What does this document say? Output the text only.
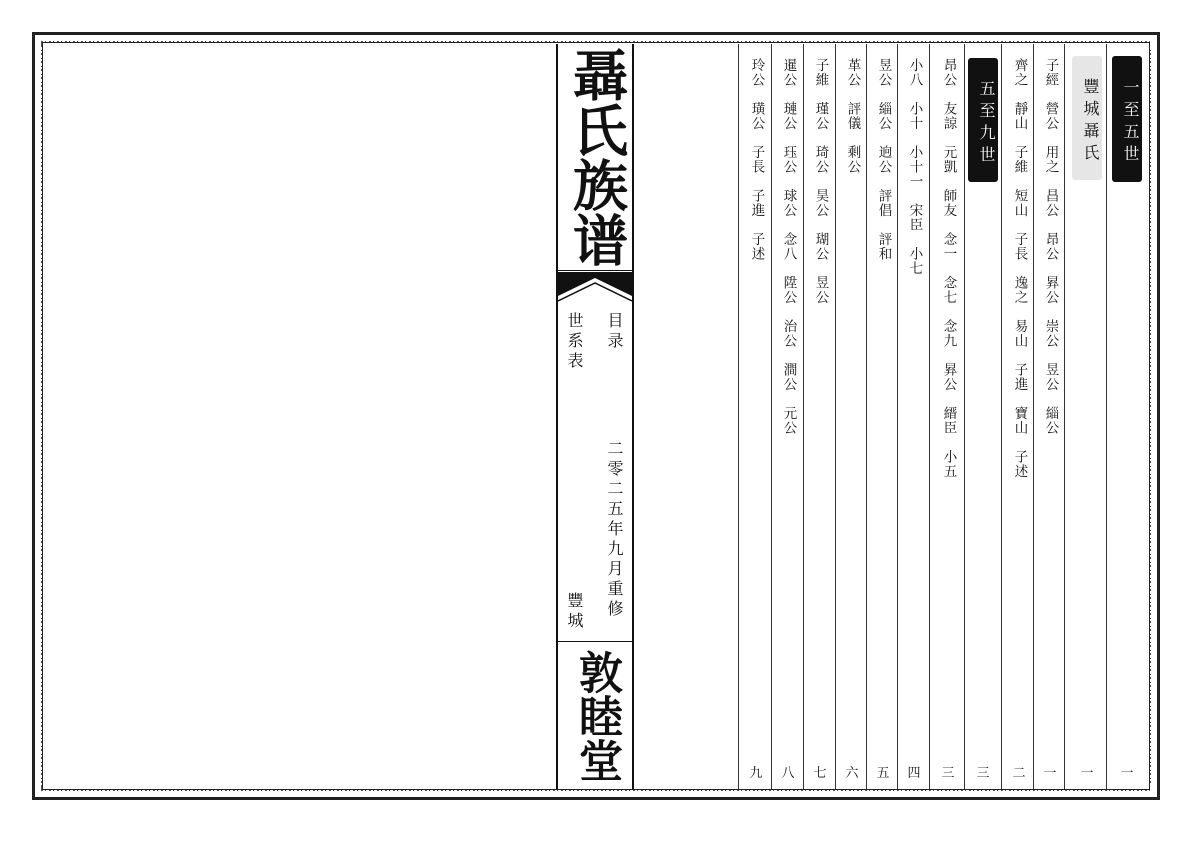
聶氏族谱
目录
世系表
二零二五年九月重修
豐城
敦睦堂
一至五世
豐城聶氏
五至九世	子經　營公　用之　昌公　昂公　昪公　崇公　昱公　緇公
齊之　靜山　子維　短山　子長　逸之　易山　子進　寶山　子述
昂公　友諒　元凱　師友　念一　念七　念九　昪公　縉臣　小五
小八　小十　小十一　宋臣　小七
昱公　緇公　逈公　評倡　評和
革公　評儀　剩公
子維　瑾公　琦公　昊公　瑚公　昱公
暹公　璉公　珏公　球公　念八　陞公　治公　澗公　元公
玲公　璜公　子長　子進　子述
一
一
一
二
三
三
四
五
六
七
八
九
